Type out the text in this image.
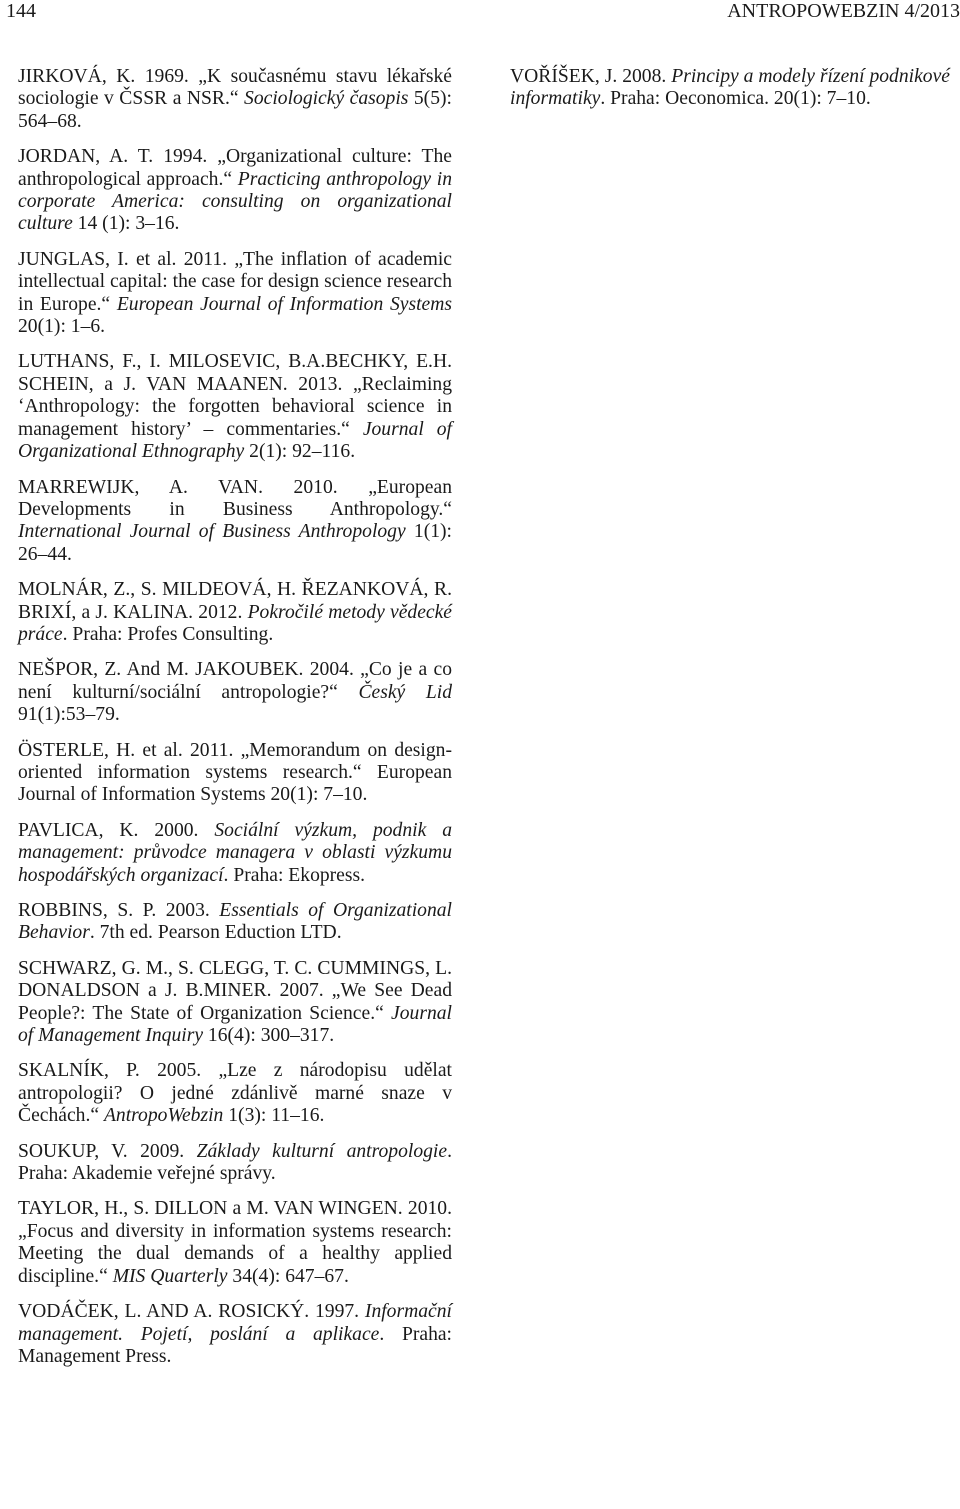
144	ANTROPOWEBZIN 4/2013

JIRKOVÁ, K. 1969. „K současnému stavu lékařské sociologie v ČSSR a NSR.“ Sociologický časopis 5(5): 564–68.

JORDAN, A. T. 1994. „Organizational culture: The anthropological approach.“ Practicing anthropology in corporate America: consulting on organizational culture 14 (1): 3–16.

JUNGLAS, I. et al. 2011. „The inflation of academic intellectual capital: the case for design science research in Europe.“ European Journal of Information Systems 20(1): 1–6.

LUTHANS, F., I. MILOSEVIC, B.A.BECHKY, E.H. SCHEIN, a J. VAN MAANEN. 2013. „Reclaiming ‘Anthropology: the forgotten behavioral science in management history’ – commentaries.“ Journal of Organizational Ethnography 2(1): 92–116.

MARREWIJK, A. VAN. 2010. „European Developments in Business Anthropology.“ International Journal of Business Anthropology 1(1): 26–44.

MOLNÁR, Z., S. MILDEOVÁ, H. ŘEZANKOVÁ, R. BRIXÍ, a J. KALINA. 2012. Pokročilé metody vědecké práce. Praha: Profes Consulting.

NEŠPOR, Z. And M. JAKOUBEK. 2004. „Co je a co není kulturní/sociální antropologie?“ Český Lid 91(1):53–79.

ÖSTERLE, H. et al. 2011. „Memorandum on design-oriented information systems research.“ European Journal of Information Systems 20(1): 7–10.

PAVLICA, K. 2000. Sociální výzkum, podnik a management: průvodce managera v oblasti výzkumu hospodářských organizací. Praha: Ekopress.

ROBBINS, S. P. 2003. Essentials of Organizational Behavior. 7th ed. Pearson Eduction LTD.

SCHWARZ, G. M., S. CLEGG, T. C. CUMMINGS, L. DONALDSON a J. B.MINER. 2007. „We See Dead People?: The State of Organization Science.“ Journal of Management Inquiry 16(4): 300–317.

SKALNÍK, P. 2005. „Lze z národopisu udělat antropologii? O jedné zdánlivě marné snaze v Čechách.“ AntropoWebzin 1(3): 11–16.

SOUKUP, V. 2009. Základy kulturní antropologie. Praha: Akademie veřejné správy.

TAYLOR, H., S. DILLON a M. VAN WINGEN. 2010. „Focus and diversity in information systems research: Meeting the dual demands of a healthy applied discipline.“ MIS Quarterly 34(4): 647–67.

VODÁČEK, L. AND A. ROSICKÝ. 1997. Informační management. Pojetí, poslání a aplikace. Praha: Management Press.

VOŘÍŠEK, J. 2008. Principy a modely řízení podnikové informatiky. Praha: Oeconomica. 20(1): 7–10.
